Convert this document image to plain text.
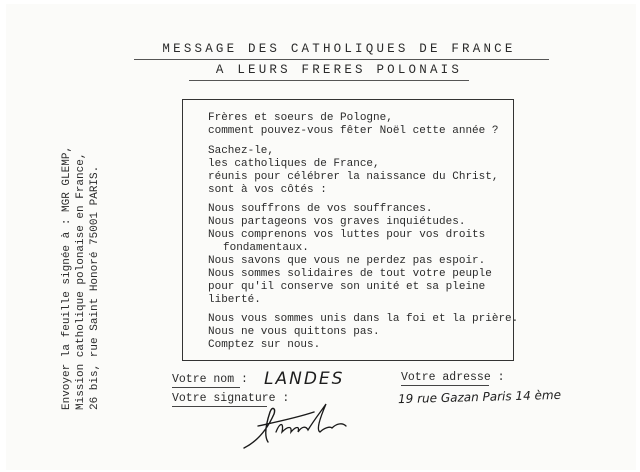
MESSAGE DES CATHOLIQUES DE FRANCE
A LEURS FRERES POLONAIS
Envoyer la feuille signée à : MGR GLEMP, Mission catholique polonaise en France, 26 bis, rue Saint Honoré 75001 PARIS.
Frères et soeurs de Pologne,
comment pouvez-vous fêter Noël cette année ?
Sachez-le,
les catholiques de France,
réunis pour célébrer la naissance du Christ,
sont à vos côtés :
Nous souffrons de vos souffrances.
Nous partageons vos graves inquiétudes.
Nous comprenons vos luttes pour vos droits
fondamentaux.
Nous savons que vous ne perdez pas espoir.
Nous sommes solidaires de tout votre peuple
pour qu'il conserve son unité et sa pleine
liberté.
Nous vous sommes unis dans la foi et la prière.
Nous ne vous quittons pas.
Comptez sur nous.
Votre nom : LANDES
Votre signature :
Votre adresse :
19 rue Gazan Paris 14 ème
